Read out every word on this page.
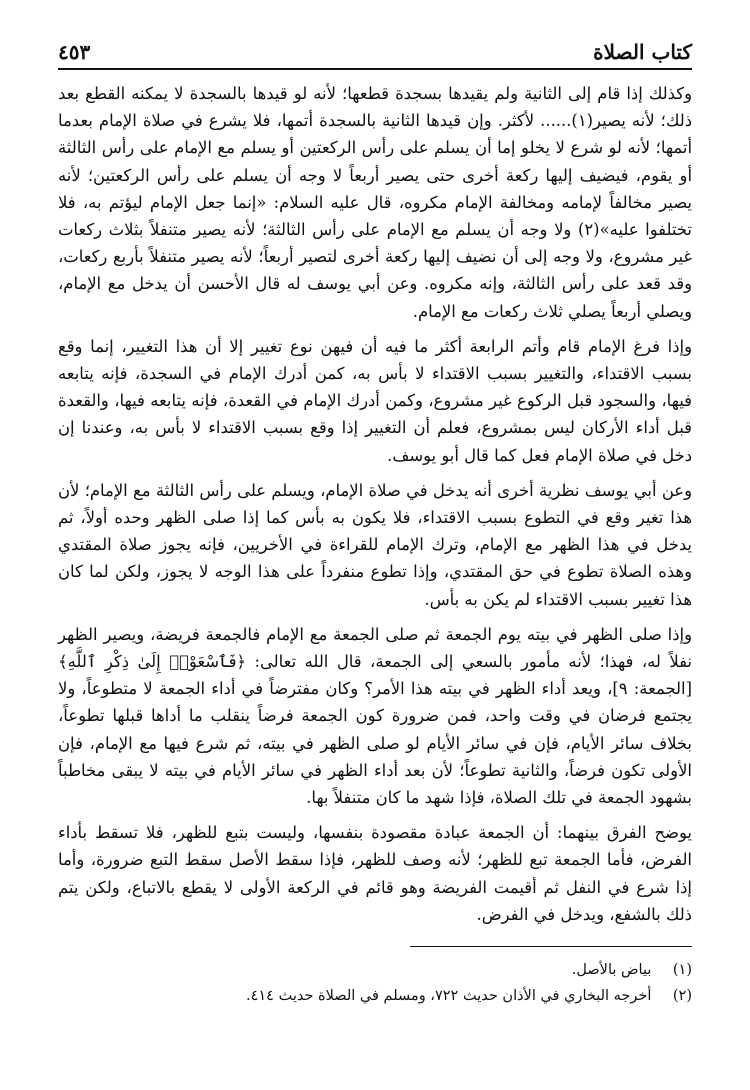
كتاب الصلاة
٤٥٣

وكذلك إذا قام إلى الثانية ولم يقيدها بسجدة قطعها؛ لأنه لو قيدها بالسجدة لا يمكنه القطع بعد ذلك؛ لأنه يصير(١)...... لأكثر. وإن قيدها الثانية بالسجدة أتمها، فلا يشرع في صلاة الإمام بعدما أتمها؛ لأنه لو شرع لا يخلو إما أن يسلم على رأس الركعتين أو يسلم مع الإمام على رأس الثالثة أو يقوم، فيضيف إليها ركعة أخرى حتى يصير أربعاً لا وجه أن يسلم على رأس الركعتين؛ لأنه يصير مخالفاً لإمامه ومخالفة الإمام مكروه، قال عليه السلام: «إنما جعل الإمام ليؤتم به، فلا تختلفوا عليه»(٢) ولا وجه أن يسلم مع الإمام على رأس الثالثة؛ لأنه يصير متنفلاً بثلاث ركعات غير مشروع، ولا وجه إلى أن نضيف إليها ركعة أخرى لتصير أربعاً؛ لأنه يصير متنفلاً بأربع ركعات، وقد قعد على رأس الثالثة، وإنه مكروه. وعن أبي يوسف له قال الأحسن أن يدخل مع الإمام، ويصلي أربعاً يصلي ثلاث ركعات مع الإمام.

وإذا فرغ الإمام قام وأتم الرابعة أكثر ما فيه أن فيهن نوع تغيير إلا أن هذا التغيير، إنما وقع بسبب الاقتداء، والتغيير بسبب الاقتداء لا بأس به، كمن أدرك الإمام في السجدة، فإنه يتابعه فيها، والسجود قبل الركوع غير مشروع، وكمن أدرك الإمام في القعدة، فإنه يتابعه فيها، والقعدة قبل أداء الأركان ليس بمشروع، فعلم أن التغيير إذا وقع بسبب الاقتداء لا بأس به، وعندنا إن دخل في صلاة الإمام فعل كما قال أبو يوسف.

وعن أبي يوسف نظرية أخرى أنه يدخل في صلاة الإمام، ويسلم على رأس الثالثة مع الإمام؛ لأن هذا تغير وقع في التطوع بسبب الاقتداء، فلا يكون به بأس كما إذا صلى الظهر وحده أولاً، ثم يدخل في هذا الظهر مع الإمام، وترك الإمام للقراءة في الأخريين، فإنه يجوز صلاة المقتدي وهذه الصلاة تطوع في حق المقتدي، وإذا تطوع منفرداً على هذا الوجه لا يجوز، ولكن لما كان هذا تغيير بسبب الاقتداء لم يكن به بأس.

وإذا صلى الظهر في بيته يوم الجمعة ثم صلى الجمعة مع الإمام فالجمعة فريضة، ويصير الظهر نفلاً له، فهذا؛ لأنه مأمور بالسعي إلى الجمعة، قال الله تعالى: ﴿فَٱسْعَوْا۟ إِلَىٰ ذِكْرِ ٱللَّهِ﴾ [الجمعة: ٩]، ويعد أداء الظهر في بيته هذا الأمر؟ وكان مفترضاً في أداء الجمعة لا متطوعاً، ولا يجتمع فرضان في وقت واحد، فمن ضرورة كون الجمعة فرضاً ينقلب ما أداها قبلها تطوعاً، بخلاف سائر الأيام، فإن في سائر الأيام لو صلى الظهر في بيته، ثم شرع فيها مع الإمام، فإن الأولى تكون فرضاً، والثانية تطوعاً؛ لأن بعد أداء الظهر في سائر الأيام في بيته لا يبقى مخاطباً بشهود الجمعة في تلك الصلاة، فإذا شهد ما كان متنفلاً بها.

يوضح الفرق بينهما: أن الجمعة عبادة مقصودة بنفسها، وليست بتبع للظهر، فلا تسقط بأداء الفرض، فأما الجمعة تبع للظهر؛ لأنه وصف للظهر، فإذا سقط الأصل سقط التبع ضرورة، وأما إذا شرع في النفل ثم أقيمت الفريضة وهو قائم في الركعة الأولى لا يقطع بالاتباع، ولكن يتم ذلك بالشفع، ويدخل في الفرض.

(١) بياض بالأصل.

(٢) أخرجه البخاري في الأذان حديث ٧٢٢، ومسلم في الصلاة حديث ٤١٤.
